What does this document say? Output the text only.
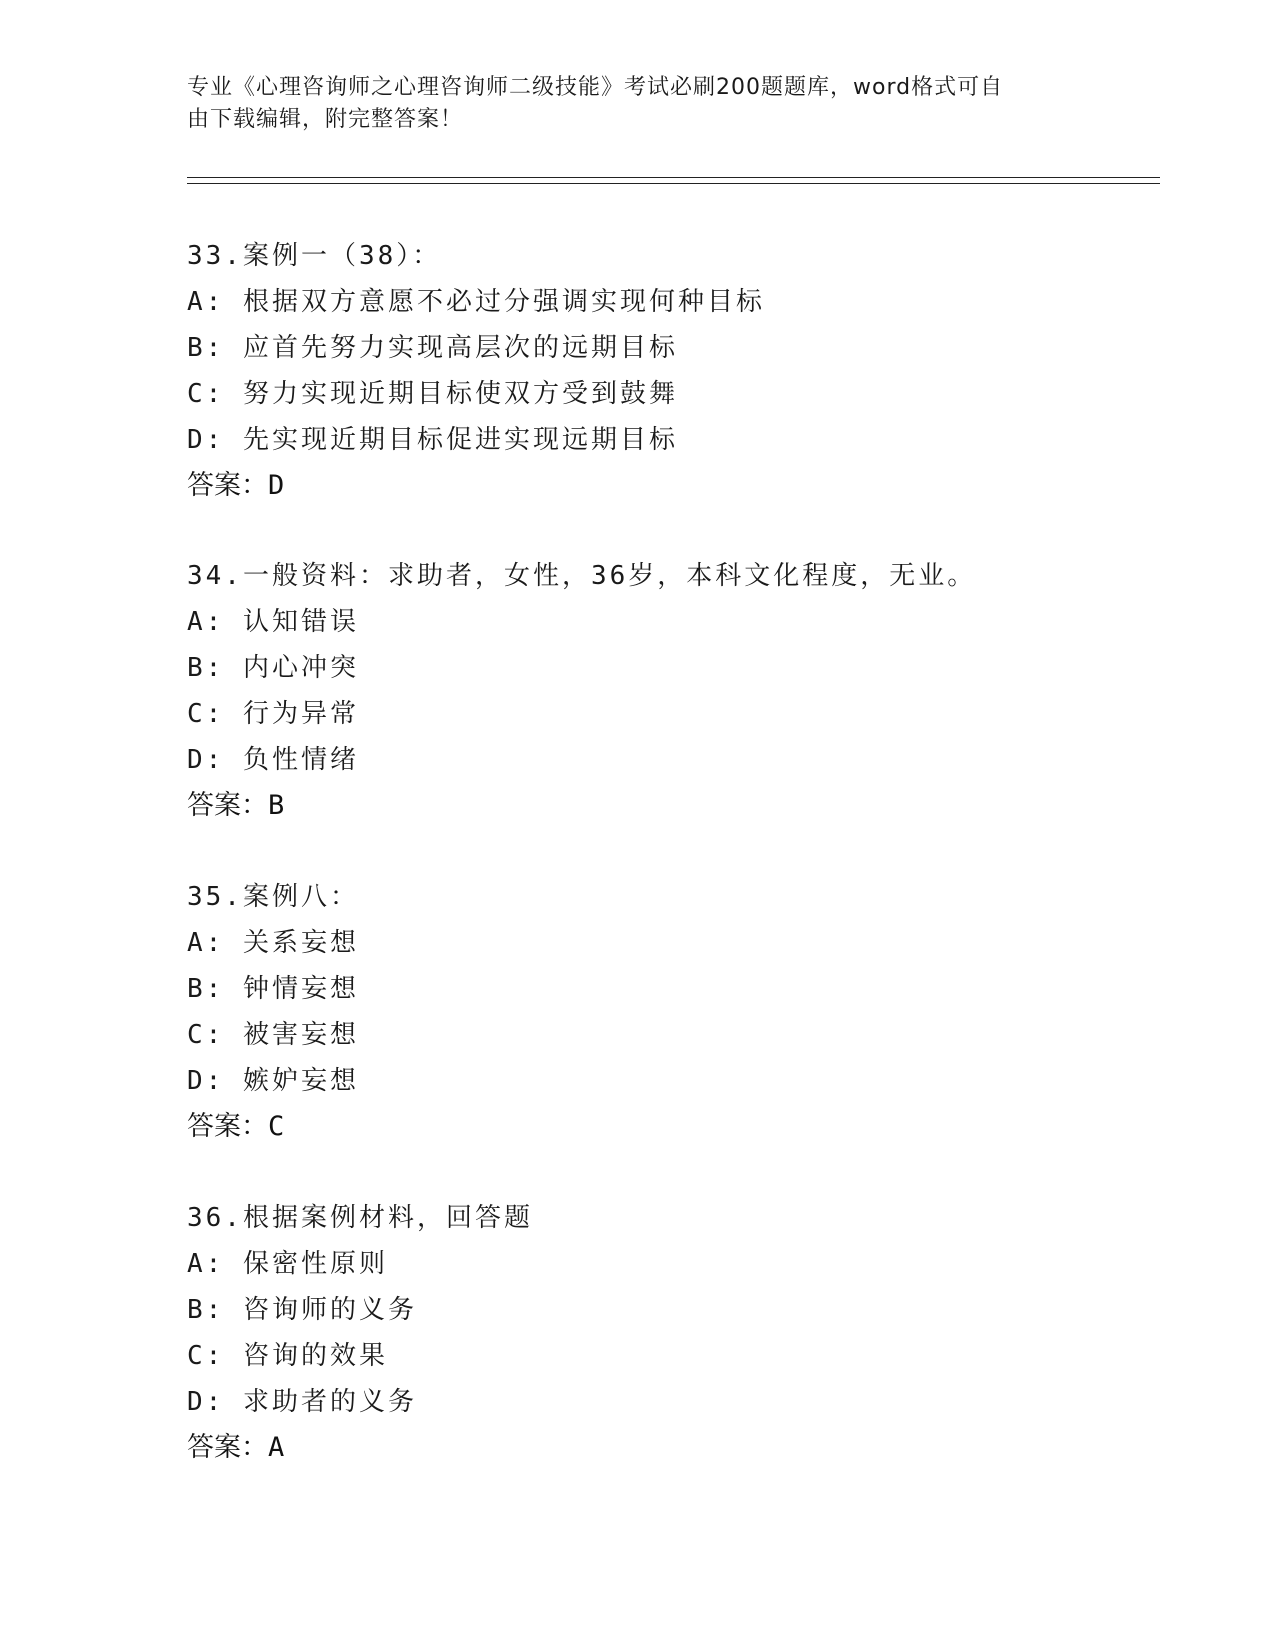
专业《心理咨询师之心理咨询师二级技能》考试必刷200题题库，word格式可自
由下载编辑，附完整答案！
33.案例一（38）：
A: 根据双方意愿不必过分强调实现何种目标
B: 应首先努力实现高层次的远期目标
C: 努力实现近期目标使双方受到鼓舞
D: 先实现近期目标促进实现远期目标
答案：D
34.一般资料：求助者，女性，36岁，本科文化程度，无业。
A: 认知错误
B: 内心冲突
C: 行为异常
D: 负性情绪
答案：B
35.案例八：
A: 关系妄想
B: 钟情妄想
C: 被害妄想
D: 嫉妒妄想
答案：C
36.根据案例材料，回答题
A: 保密性原则
B: 咨询师的义务
C: 咨询的效果
D: 求助者的义务
答案：A
